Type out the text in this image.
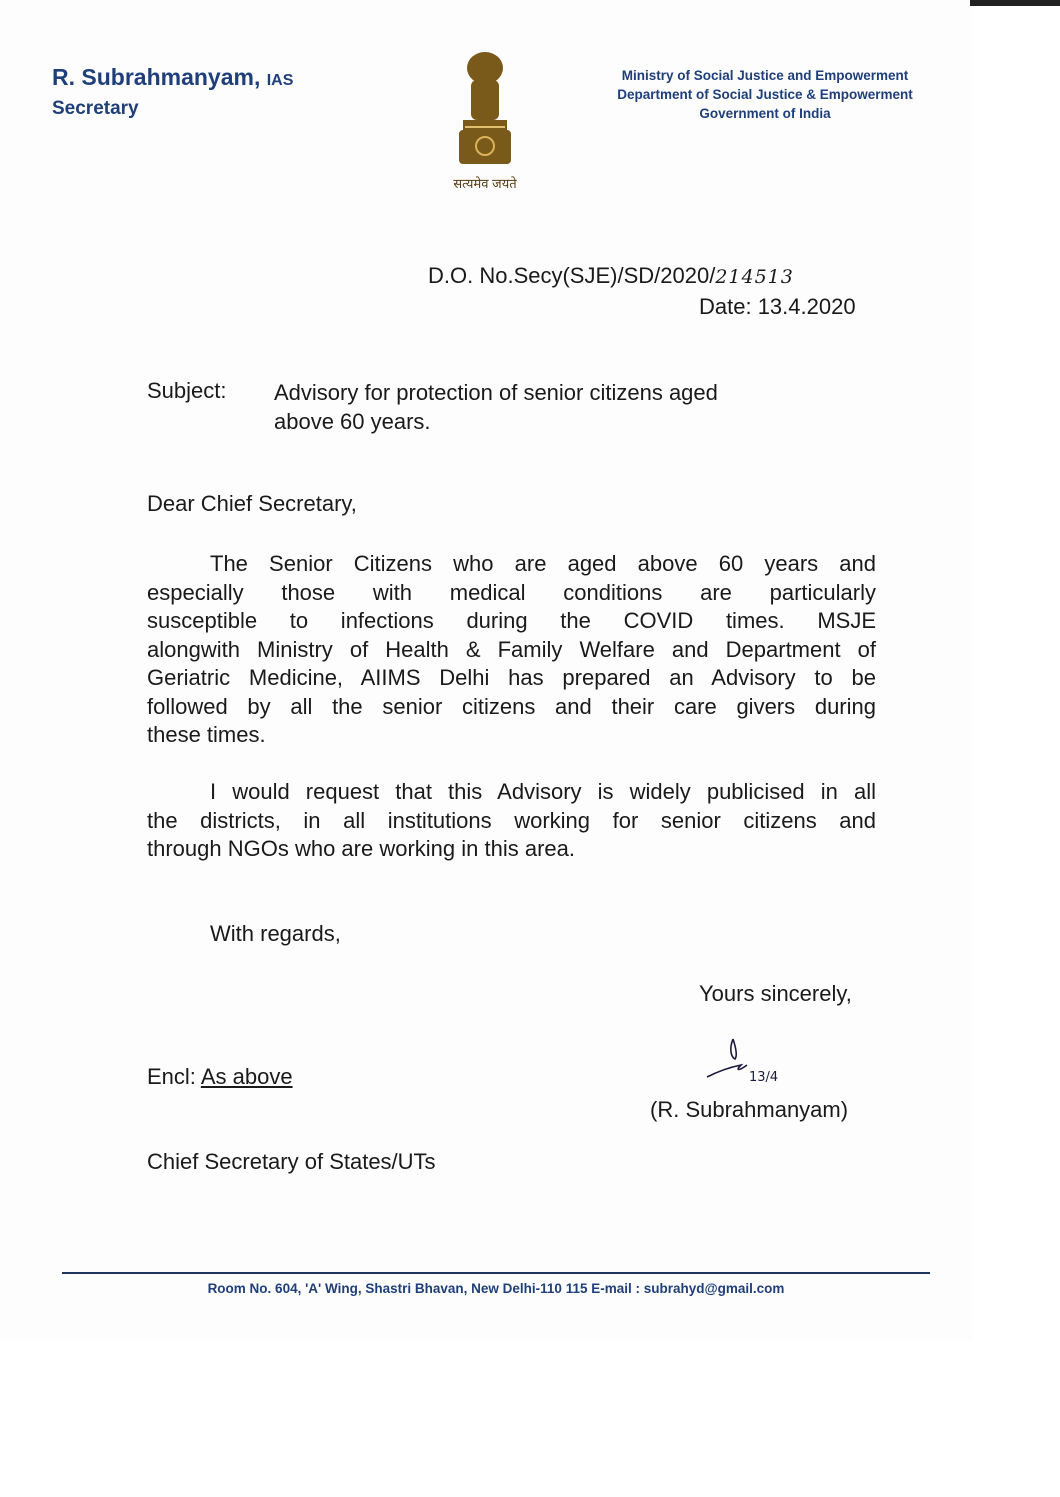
R. Subrahmanyam, IAS
Secretary
सत्यमेव जयते
Ministry of Social Justice and Empowerment
Department of Social Justice & Empowerment
Government of India
D.O. No.Secy(SJE)/SD/2020/214513
Date: 13.4.2020
Subject: Advisory for protection of senior citizens aged
above 60 years.
Dear Chief Secretary,
The Senior Citizens who are aged above 60 years and
especially those with medical conditions are particularly
susceptible to infections during the COVID times. MSJE
alongwith Ministry of Health & Family Welfare and Department of
Geriatric Medicine, AIIMS Delhi has prepared an Advisory to be
followed by all the senior citizens and their care givers during
these times.
I would request that this Advisory is widely publicised in all
the districts, in all institutions working for senior citizens and
through NGOs who are working in this area.
With regards,
Yours sincerely,
13/4
(R. Subrahmanyam)
Encl: As above
Chief Secretary of States/UTs
Room No. 604, 'A' Wing, Shastri Bhavan, New Delhi-110 115 E-mail : subrahyd@gmail.com
